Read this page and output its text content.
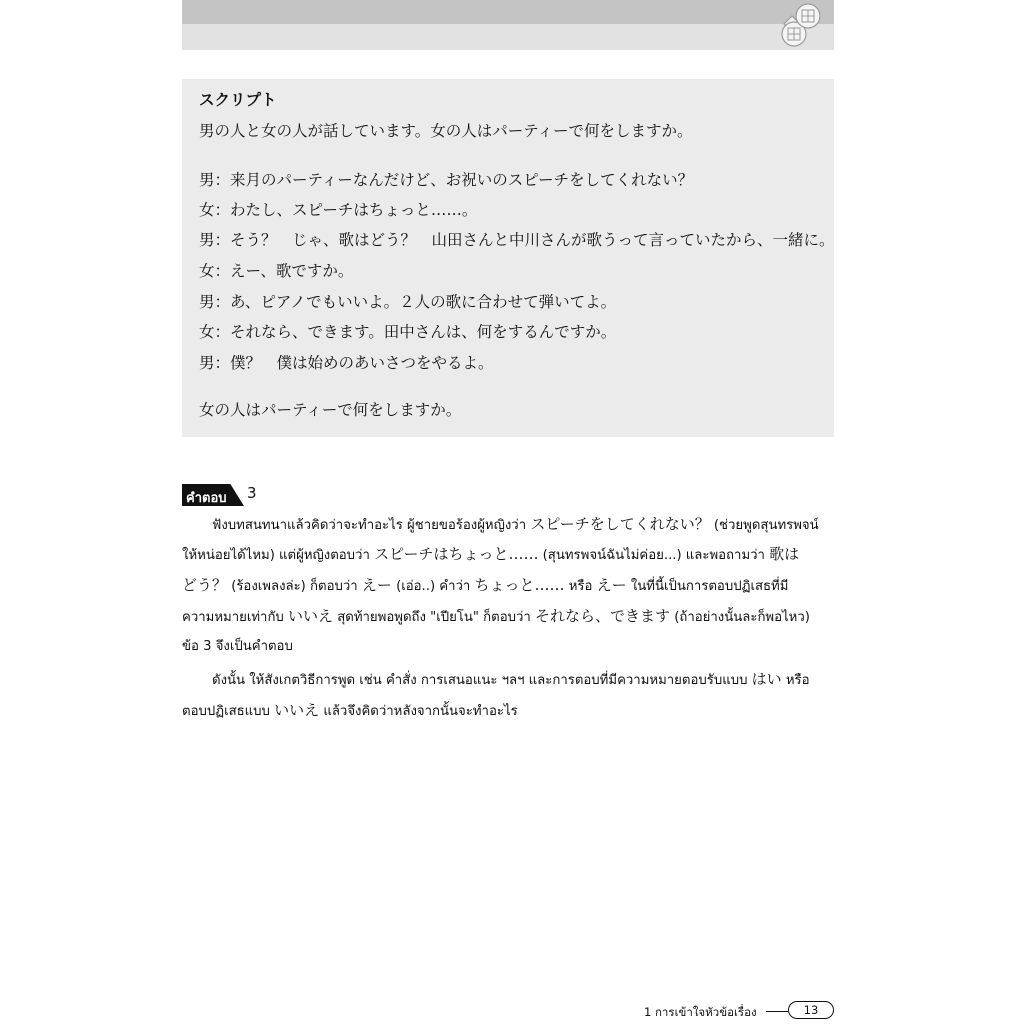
スクリプト
男の人と女の人が話しています。女の人はパーティーで何をしますか。
男：来月のパーティーなんだけど、お祝いのスピーチをしてくれない？
女：わたし、スピーチはちょっと……。
男：そう？　じゃ、歌はどう？　山田さんと中川さんが歌うって言っていたから、一緒に。
女：えー、歌ですか。
男：あ、ピアノでもいいよ。２人の歌に合わせて弾いてよ。
女：それなら、できます。田中さんは、何をするんですか。
男：僕？　僕は始めのあいさつをやるよ。
女の人はパーティーで何をしますか。
คำตอบ 3
ฟังบทสนทนาแล้วคิดว่าจะทำอะไร ผู้ชายขอร้องผู้หญิงว่า スピーチをしてくれない？ (ช่วยพูดสุนทรพจน์
ให้หน่อยได้ไหม) แต่ผู้หญิงตอบว่า スピーチはちょっと…… (สุนทรพจน์ฉันไม่ค่อย...) และพอถามว่า 歌は
どう？ (ร้องเพลงล่ะ) ก็ตอบว่า えー (เอ่อ..) คำว่า ちょっと…… หรือ えー ในที่นี้เป็นการตอบปฏิเสธที่มี
ความหมายเท่ากับ いいえ สุดท้ายพอพูดถึง "เปียโน" ก็ตอบว่า それなら、できます (ถ้าอย่างนั้นละก็พอไหว)
ข้อ 3 จึงเป็นคำตอบ
ดังนั้น ให้สังเกตวิธีการพูด เช่น คำสั่ง การเสนอแนะ ฯลฯ และการตอบที่มีความหมายตอบรับแบบ はい หรือ
ตอบปฏิเสธแบบ いいえ แล้วจึงคิดว่าหลังจากนั้นจะทำอะไร
1 การเข้าใจหัวข้อเรื่อง	13
